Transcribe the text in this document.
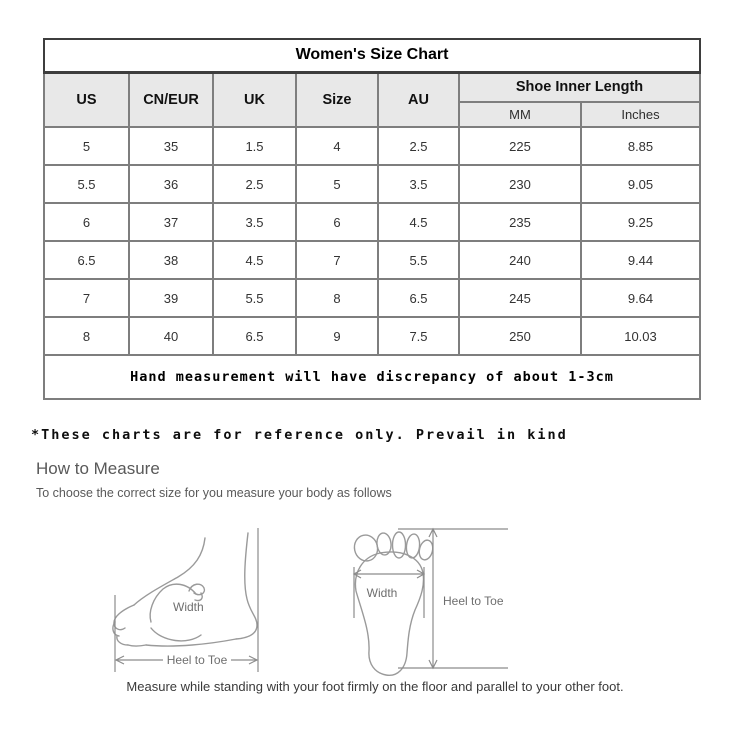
Women's Size Chart						
US	CN/EUR	UK	Size	AU	Shoe Inner Length	
					MM	Inches
5	35	1.5	4	2.5	225	8.85
5.5	36	2.5	5	3.5	230	9.05
6	37	3.5	6	4.5	235	9.25
6.5	38	4.5	7	5.5	240	9.44
7	39	5.5	8	6.5	245	9.64
8	40	6.5	9	7.5	250	10.03
Hand measurement will have discrepancy of about 1-3cm						
*These charts are for reference only. Prevail in kind
How to Measure
To choose the correct size for you measure your body as follows
Width
Heel to Toe
Width
Heel to Toe
Measure while standing with your foot firmly on the floor and parallel to your other foot.
